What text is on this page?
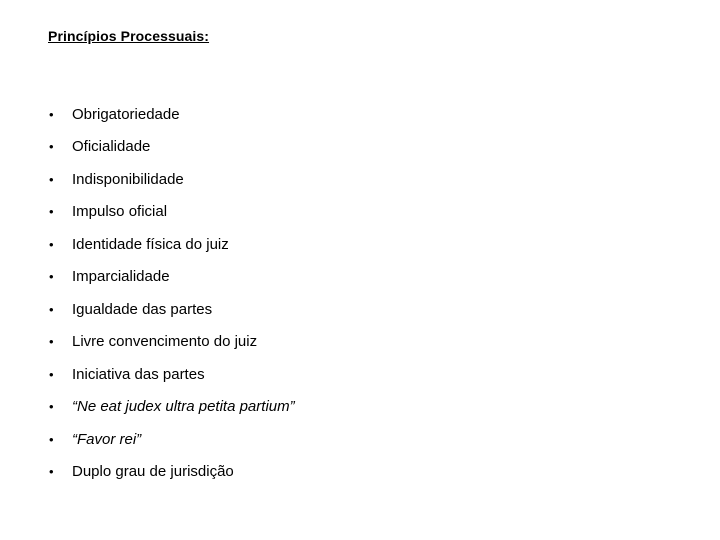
Princípios Processuais:
•	Obrigatoriedade
•	Oficialidade
•	Indisponibilidade
•	Impulso oficial
•	Identidade física do juiz
•	Imparcialidade
•	Igualdade das partes
•	Livre convencimento do juiz
•	Iniciativa das partes
•	“Ne eat judex ultra petita partium”
•	“Favor rei”
•	Duplo grau de jurisdição
